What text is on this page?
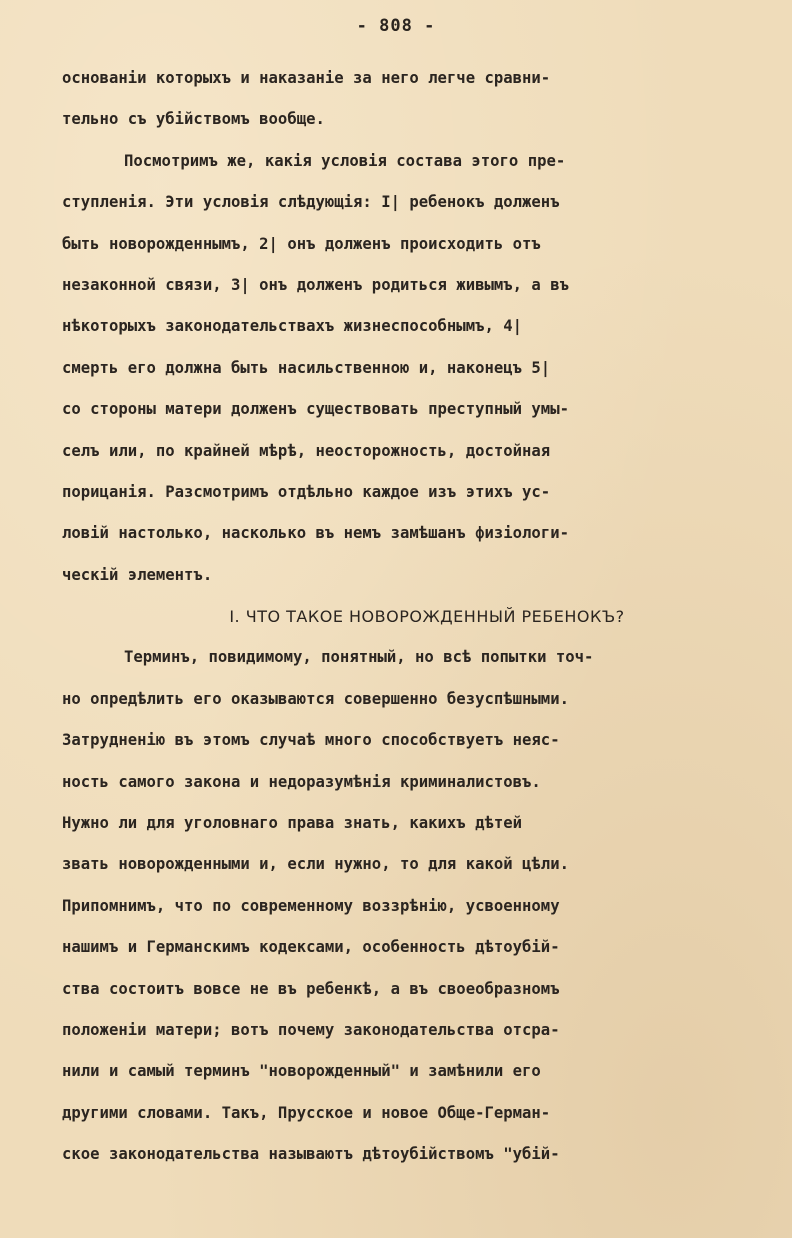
- 808 -
основанiи которыхъ и наказанiе за него легче сравни-
тельно съ убiйствомъ вообще.
Посмотримъ же, какiя условiя состава этого пре-
ступленiя. Эти условiя слѣдующiя: I| ребенокъ долженъ
быть новорожденнымъ, 2| онъ долженъ происходить отъ
незаконной связи, 3| онъ долженъ родиться живымъ, а въ
нѣкоторыхъ законодательствахъ жизнеспособнымъ, 4|
смерть его должна быть насильственною и, наконецъ 5|
со стороны матери долженъ существовать преступный умы-
селъ или, по крайней мѣрѣ, неосторожность, достойная
порицанiя. Разсмотримъ отдѣльно каждое изъ этихъ ус-
ловiй настолько, насколько въ немъ замѣшанъ физiологи-
ческiй элементъ.
I. ЧТО ТАКОЕ НОВОРОЖДЕННЫЙ РЕБЕНОКЪ?
Терминъ, повидимому, понятный, но всѣ попытки точ-
но опредѣлить его оказываются совершенно безуспѣшными.
Затрудненiю въ этомъ случаѣ много способствуетъ неяс-
ность самого закона и недоразумѣнiя криминалистовъ.
Нужно ли для уголовнаго права знать, какихъ дѣтей
звать новорожденными и, если нужно, то для какой цѣли.
Припомнимъ, что по современному воззрѣнiю, усвоенному
нашимъ и Германскимъ кодексами, особенность дѣтоубiй-
ства состоитъ вовсе не въ ребенкѣ, а въ своеобразномъ
положенiи матери; вотъ почему законодательства отсра-
нили и самый терминъ "новорожденный" и замѣнили его
другими словами. Такъ, Прусское и новое Обще-Герман-
ское законодательства называютъ дѣтоубiйствомъ "убiй-
